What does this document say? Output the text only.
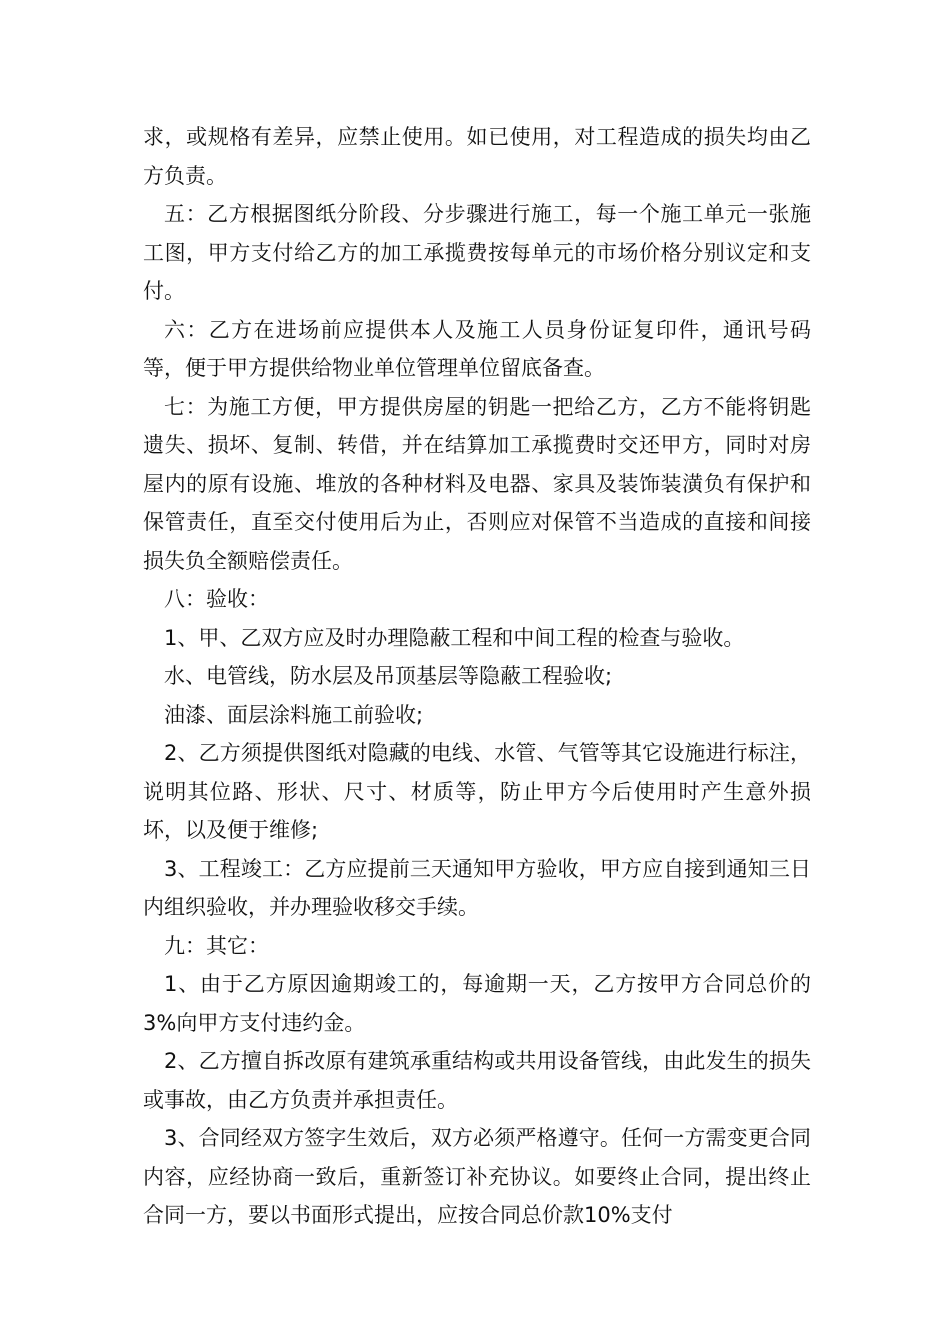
求，或规格有差异，应禁止使用。如已使用，对工程造成的损失均由乙方负责。

五：乙方根据图纸分阶段、分步骤进行施工，每一个施工单元一张施工图，甲方支付给乙方的加工承揽费按每单元的市场价格分别议定和支付。

六：乙方在进场前应提供本人及施工人员身份证复印件，通讯号码等，便于甲方提供给物业单位管理单位留底备查。

七：为施工方便，甲方提供房屋的钥匙一把给乙方，乙方不能将钥匙遗失、损坏、复制、转借，并在结算加工承揽费时交还甲方，同时对房屋内的原有设施、堆放的各种材料及电器、家具及装饰装潢负有保护和保管责任，直至交付使用后为止，否则应对保管不当造成的直接和间接损失负全额赔偿责任。

八：验收：

1、甲、乙双方应及时办理隐蔽工程和中间工程的检查与验收。

水、电管线，防水层及吊顶基层等隐蔽工程验收;

油漆、面层涂料施工前验收;

2、乙方须提供图纸对隐藏的电线、水管、气管等其它设施进行标注，说明其位路、形状、尺寸、材质等，防止甲方今后使用时产生意外损坏，以及便于维修;

3、工程竣工：乙方应提前三天通知甲方验收，甲方应自接到通知三日内组织验收，并办理验收移交手续。

九：其它：

1、由于乙方原因逾期竣工的，每逾期一天，乙方按甲方合同总价的3%向甲方支付违约金。

2、乙方擅自拆改原有建筑承重结构或共用设备管线，由此发生的损失或事故，由乙方负责并承担责任。

3、合同经双方签字生效后，双方必须严格遵守。任何一方需变更合同内容，应经协商一致后，重新签订补充协议。如要终止合同，提出终止合同一方，要以书面形式提出，应按合同总价款10%支付
